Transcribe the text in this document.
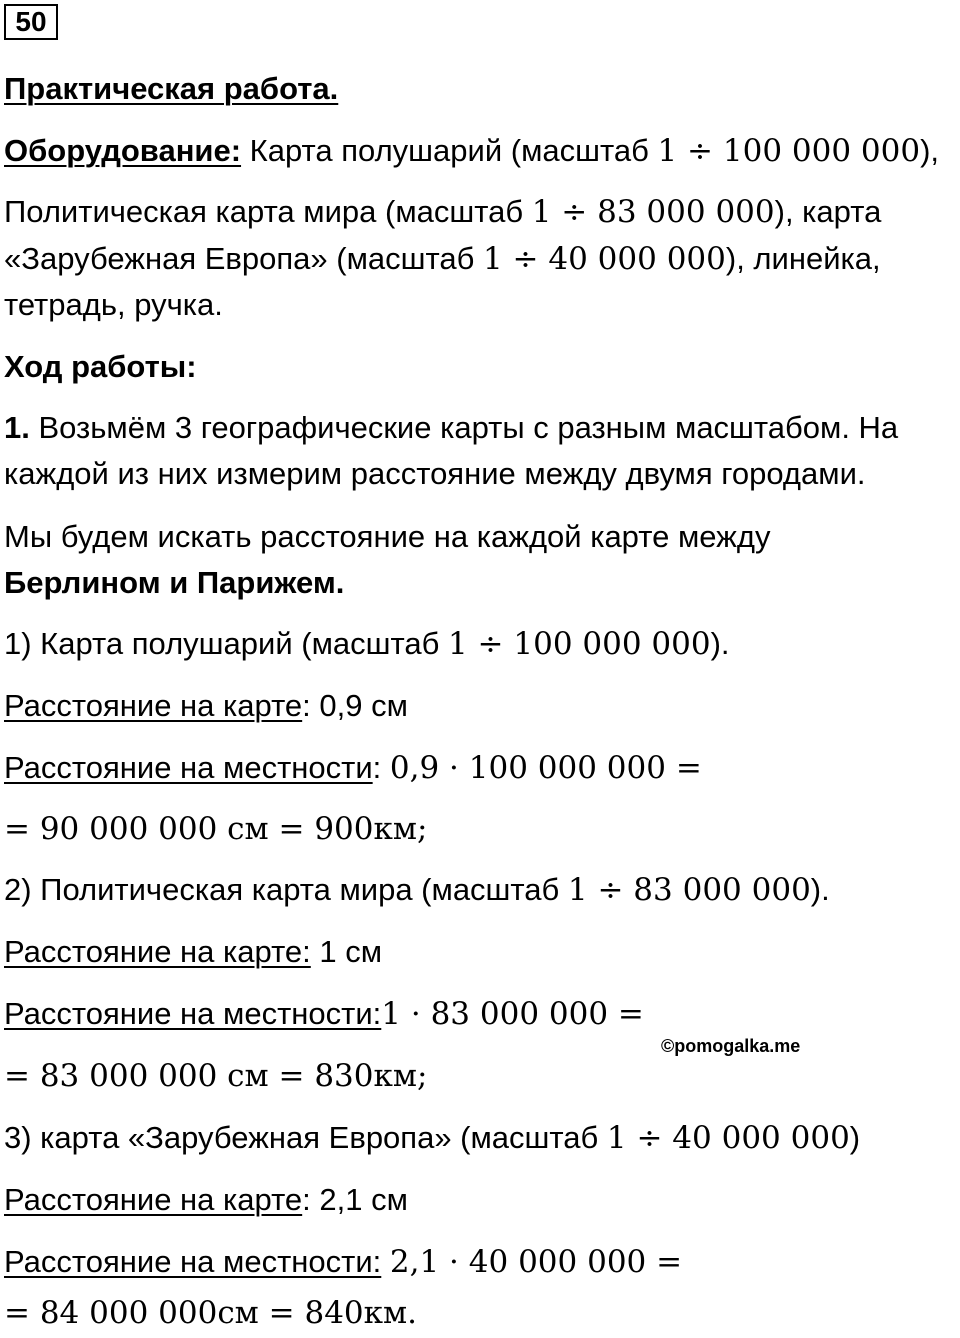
50
Практическая работа.
Оборудование: Карта полушарий (масштаб 1 ÷ 100 000 000),
Политическая карта мира (масштаб 1 ÷ 83 000 000), карта
«Зарубежная Европа» (масштаб 1 ÷ 40 000 000), линейка,
тетрадь, ручка.
Ход работы:
1. Возьмём 3 географические карты с разным масштабом. На
каждой из них измерим расстояние между двумя городами.
Мы будем искать расстояние на каждой карте между
Берлином и Парижем.
1) Карта полушарий (масштаб 1 ÷ 100 000 000).
Расстояние на карте: 0,9 см
Расстояние на местности: 0,9 · 100 000 000 =
= 90 000 000 см = 900км;
2) Политическая карта мира (масштаб 1 ÷ 83 000 000).
Расстояние на карте: 1 см
Расстояние на местности:1 · 83 000 000 =
= 83 000 000 см = 830км;
©pomogalka.me
3) карта «Зарубежная Европа» (масштаб 1 ÷ 40 000 000)
Расстояние на карте: 2,1 см
Расстояние на местности: 2,1 · 40 000 000 =
= 84 000 000см = 840км.
